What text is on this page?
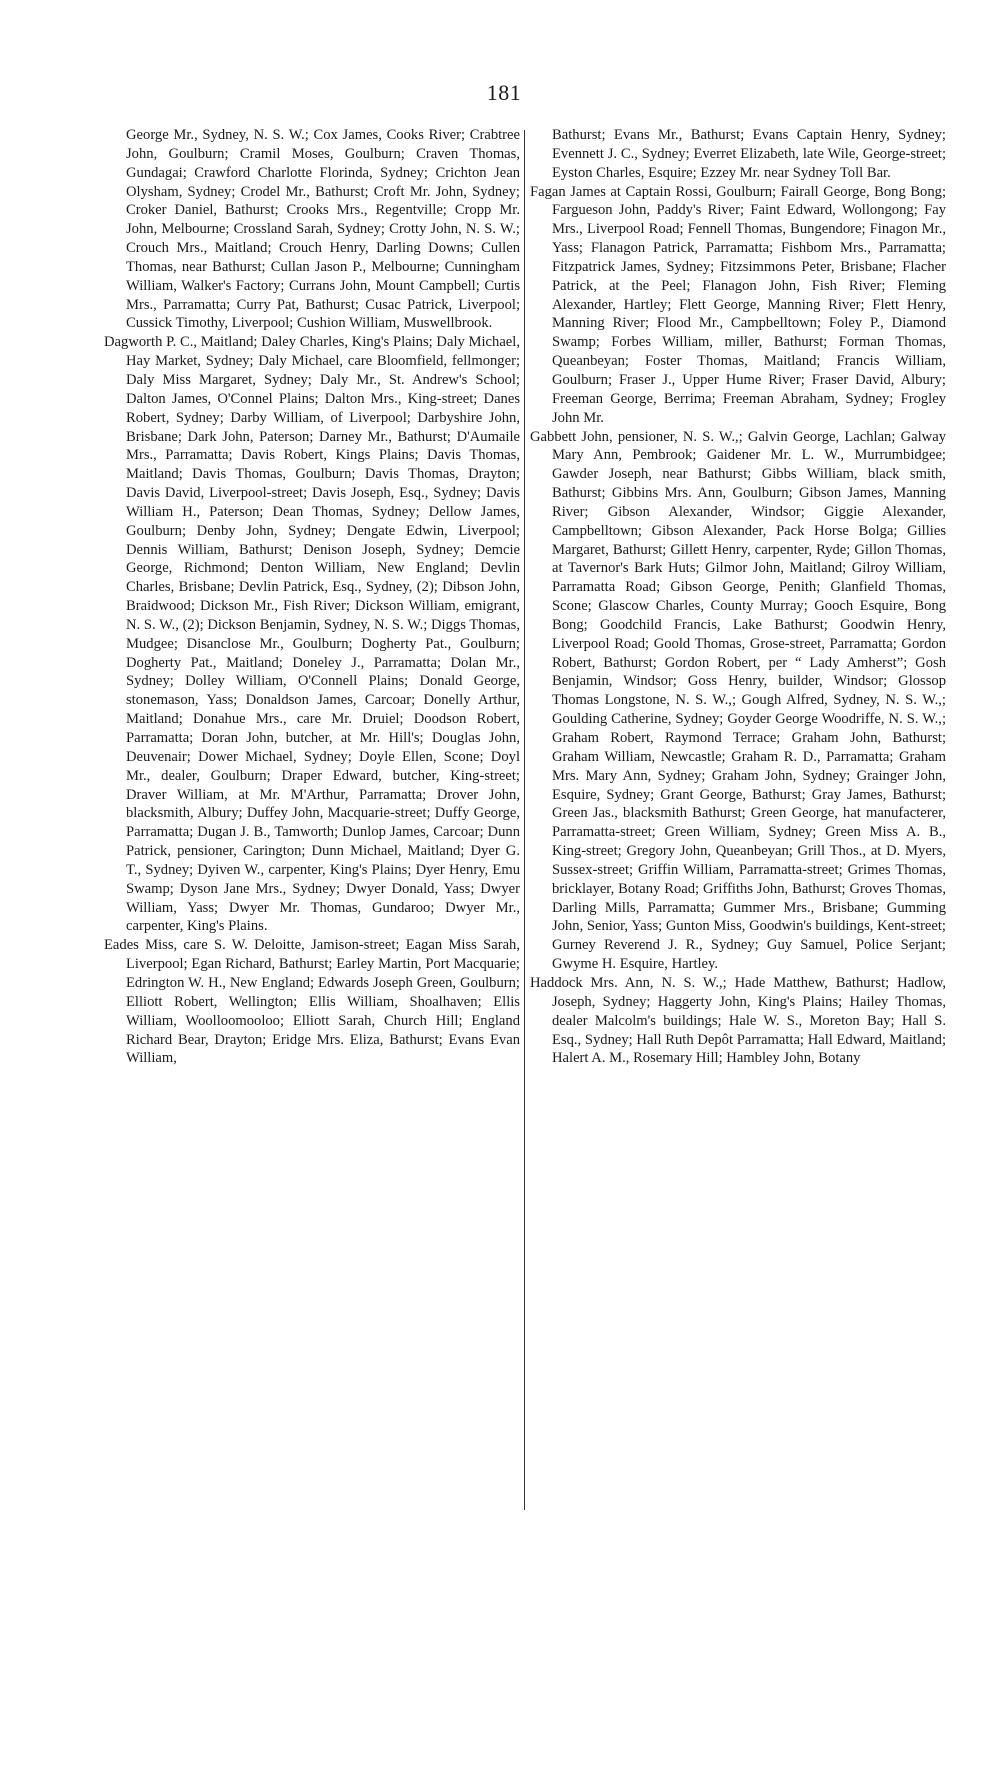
181

George Mr., Sydney, N. S. W.; Cox James, Cooks River; Crabtree John, Goulburn; Cramil Moses, Goulburn; Craven Thomas, Gundagai; Crawford Charlotte Florinda, Sydney; Crichton Jean Olysham, Sydney; Crodel Mr., Bathurst; Croft Mr. John, Sydney; Croker Daniel, Bathurst; Crooks Mrs., Regentville; Cropp Mr. John, Melbourne; Crossland Sarah, Sydney; Crotty John, N. S. W.; Crouch Mrs., Maitland; Crouch Henry, Darling Downs; Cullen Thomas, near Bathurst; Cullan Jason P., Melbourne; Cunningham William, Walker's Factory; Currans John, Mount Campbell; Curtis Mrs., Parramatta; Curry Pat, Bathurst; Cusac Patrick, Liverpool; Cussick Timothy, Liverpool; Cushion William, Muswellbrook.

Dagworth P. C., Maitland; Daley Charles, King's Plains; Daly Michael, Hay Market, Sydney; Daly Michael, care Bloomfield, fellmonger; Daly Miss Margaret, Sydney; Daly Mr., St. Andrew's School; Dalton James, O'Connel Plains; Dalton Mrs., King-street; Danes Robert, Sydney; Darby William, of Liverpool; Darbyshire John, Brisbane; Dark John, Paterson; Darney Mr., Bathurst; D'Aumaile Mrs., Parramatta; Davis Robert, Kings Plains; Davis Thomas, Maitland; Davis Thomas, Goulburn; Davis Thomas, Drayton; Davis David, Liverpool-street; Davis Joseph, Esq., Sydney; Davis William H., Paterson; Dean Thomas, Sydney; Dellow James, Goulburn; Denby John, Sydney; Dengate Edwin, Liverpool; Dennis William, Bathurst; Denison Joseph, Sydney; Demcie George, Richmond; Denton William, New England; Devlin Charles, Brisbane; Devlin Patrick, Esq., Sydney, (2); Dibson John, Braidwood; Dickson Mr., Fish River; Dickson William, emigrant, N. S. W., (2); Dickson Benjamin, Sydney, N. S. W.; Diggs Thomas, Mudgee; Disanclose Mr., Goulburn; Dogherty Pat., Goulburn; Dogherty Pat., Maitland; Doneley J., Parramatta; Dolan Mr., Sydney; Dolley William, O'Connell Plains; Donald George, stonemason, Yass; Donaldson James, Carcoar; Donelly Arthur, Maitland; Donahue Mrs., care Mr. Druiel; Doodson Robert, Parramatta; Doran John, butcher, at Mr. Hill's; Douglas John, Deuvenair; Dower Michael, Sydney; Doyle Ellen, Scone; Doyl Mr., dealer, Goulburn; Draper Edward, butcher, King-street; Draver William, at Mr. M'Arthur, Parramatta; Drover John, blacksmith, Albury; Duffey John, Macquarie-street; Duffy George, Parramatta; Dugan J. B., Tamworth; Dunlop James, Carcoar; Dunn Patrick, pensioner, Carington; Dunn Michael, Maitland; Dyer G. T., Sydney; Dyiven W., carpenter, King's Plains; Dyer Henry, Emu Swamp; Dyson Jane Mrs., Sydney; Dwyer Donald, Yass; Dwyer William, Yass; Dwyer Mr. Thomas, Gundaroo; Dwyer Mr., carpenter, King's Plains.

Eades Miss, care S. W. Deloitte, Jamison-street; Eagan Miss Sarah, Liverpool; Egan Richard, Bathurst; Earley Martin, Port Macquarie; Edrington W. H., New England; Edwards Joseph Green, Goulburn; Elliott Robert, Wellington; Ellis William, Shoalhaven; Ellis William, Woolloomooloo; Elliott Sarah, Church Hill; England Richard Bear, Drayton; Eridge Mrs. Eliza, Bathurst; Evans Evan William,

Bathurst; Evans Mr., Bathurst; Evans Captain Henry, Sydney; Evennett J. C., Sydney; Everret Elizabeth, late Wile, George-street; Eyston Charles, Esquire; Ezzey Mr. near Sydney Toll Bar.

Fagan James at Captain Rossi, Goulburn; Fairall George, Bong Bong; Fargueson John, Paddy's River; Faint Edward, Wollongong; Fay Mrs., Liverpool Road; Fennell Thomas, Bungendore; Finagon Mr., Yass; Flanagon Patrick, Parramatta; Fishbom Mrs., Parramatta; Fitzpatrick James, Sydney; Fitzsimmons Peter, Brisbane; Flacher Patrick, at the Peel; Flanagon John, Fish River; Fleming Alexander, Hartley; Flett George, Manning River; Flett Henry, Manning River; Flood Mr., Campbelltown; Foley P., Diamond Swamp; Forbes William, miller, Bathurst; Forman Thomas, Queanbeyan; Foster Thomas, Maitland; Francis William, Goulburn; Fraser J., Upper Hume River; Fraser David, Albury; Freeman George, Berrima; Freeman Abraham, Sydney; Frogley John Mr.

Gabbett John, pensioner, N. S. W.,; Galvin George, Lachlan; Galway Mary Ann, Pembrook; Gaidener Mr. L. W., Murrumbidgee; Gawder Joseph, near Bathurst; Gibbs William, black smith, Bathurst; Gibbins Mrs. Ann, Goulburn; Gibson James, Manning River; Gibson Alexander, Windsor; Giggie Alexander, Campbelltown; Gibson Alexander, Pack Horse Bolga; Gillies Margaret, Bathurst; Gillett Henry, carpenter, Ryde; Gillon Thomas, at Tavernor's Bark Huts; Gilmor John, Maitland; Gilroy William, Parramatta Road; Gibson George, Penith; Glanfield Thomas, Scone; Glascow Charles, County Murray; Gooch Esquire, Bong Bong; Goodchild Francis, Lake Bathurst; Goodwin Henry, Liverpool Road; Goold Thomas, Grose-street, Parramatta; Gordon Robert, Bathurst; Gordon Robert, per “ Lady Amherst”; Gosh Benjamin, Windsor; Goss Henry, builder, Windsor; Glossop Thomas Longstone, N. S. W.,; Gough Alfred, Sydney, N. S. W.,; Goulding Catherine, Sydney; Goyder George Woodriffe, N. S. W.,; Graham Robert, Raymond Terrace; Graham John, Bathurst; Graham William, Newcastle; Graham R. D., Parramatta; Graham Mrs. Mary Ann, Sydney; Graham John, Sydney; Grainger John, Esquire, Sydney; Grant George, Bathurst; Gray James, Bathurst; Green Jas., blacksmith Bathurst; Green George, hat manufacterer, Parramatta-street; Green William, Sydney; Green Miss A. B., King-street; Gregory John, Queanbeyan; Grill Thos., at D. Myers, Sussex-street; Griffin William, Parramatta-street; Grimes Thomas, bricklayer, Botany Road; Griffiths John, Bathurst; Groves Thomas, Darling Mills, Parramatta; Gummer Mrs., Brisbane; Gumming John, Senior, Yass; Gunton Miss, Goodwin's buildings, Kent-street; Gurney Reverend J. R., Sydney; Guy Samuel, Police Serjant; Gwyme H. Esquire, Hartley.

Haddock Mrs. Ann, N. S. W.,; Hade Matthew, Bathurst; Hadlow, Joseph, Sydney; Haggerty John, King's Plains; Hailey Thomas, dealer Malcolm's buildings; Hale W. S., Moreton Bay; Hall S. Esq., Sydney; Hall Ruth Depôt Parramatta; Hall Edward, Maitland; Halert A. M., Rosemary Hill; Hambley John, Botany
